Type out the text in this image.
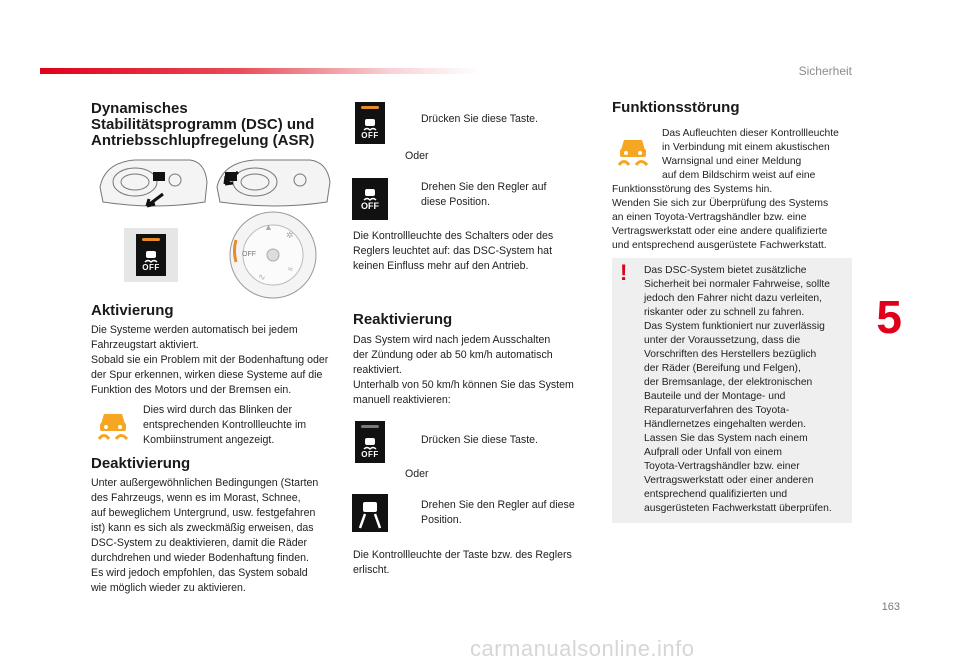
Sicherheit

Dynamisches

Stabilitätsprogramm (DSC) und

Antriebsschlupfregelung (ASR)

OFF
OFF
▲
✲
≈
∿
Aktivierung

Die Systeme werden automatisch bei jedem

Fahrzeugstart aktiviert.

Sobald sie ein Problem mit der Bodenhaftung oder

der Spur erkennen, wirken diese Systeme auf die

Funktion des Motors und der Bremsen ein.

Dies wird durch das Blinken der

entsprechenden Kontrollleuchte im

Kombiinstrument angezeigt.

Deaktivierung

Unter außergewöhnlichen Bedingungen (Starten

des Fahrzeugs, wenn es im Morast, Schnee,

auf beweglichem Untergrund, usw. festgefahren

ist) kann es sich als zweckmäßig erweisen, das

DSC-System zu deaktivieren, damit die Räder

durchdrehen und wieder Bodenhaftung finden.

Es wird jedoch empfohlen, das System sobald

wie möglich wieder zu aktivieren.

OFF
Drücken Sie diese Taste.
Oder
OFF
Drehen Sie den Regler auf
diese Position.

Die Kontrollleuchte des Schalters oder des

Reglers leuchtet auf: das DSC-System hat

keinen Einfluss mehr auf den Antrieb.

Reaktivierung

Das System wird nach jedem Ausschalten

der Zündung oder ab 50 km/h automatisch

reaktiviert.

Unterhalb von 50 km/h können Sie das System

manuell reaktivieren:

OFF
Drücken Sie diese Taste.
Oder
Drehen Sie den Regler auf diese
Position.

Die Kontrollleuchte der Taste bzw. des Reglers

erlischt.

Funktionsstörung

Das Aufleuchten dieser Kontrollleuchte

in Verbindung mit einem akustischen

Warnsignal und einer Meldung

auf dem Bildschirm weist auf eine

Funktionsstörung des Systems hin.

Wenden Sie sich zur Überprüfung des Systems

an einen Toyota-Vertragshändler bzw. eine

Vertragswerkstatt oder eine andere qualifizierte

und entsprechend ausgerüstete Fachwerkstatt.

! Das DSC-System bietet zusätzliche

Sicherheit bei normaler Fahrweise, sollte

jedoch den Fahrer nicht dazu verleiten,

riskanter oder zu schnell zu fahren.

Das System funktioniert nur zuverlässig

unter der Voraussetzung, dass die

Vorschriften des Herstellers bezüglich

der Räder (Bereifung und Felgen),

der Bremsanlage, der elektronischen

Bauteile und der Montage- und

Reparaturverfahren des Toyota-

Händlernetzes eingehalten werden.

Lassen Sie das System nach einem

Aufprall oder Unfall von einem

Toyota-Vertragshändler bzw. einer

Vertragswerkstatt oder einer anderen

entsprechend qualifizierten und

ausgerüsteten Fachwerkstatt überprüfen.

5
163
carmanualsonline.info
